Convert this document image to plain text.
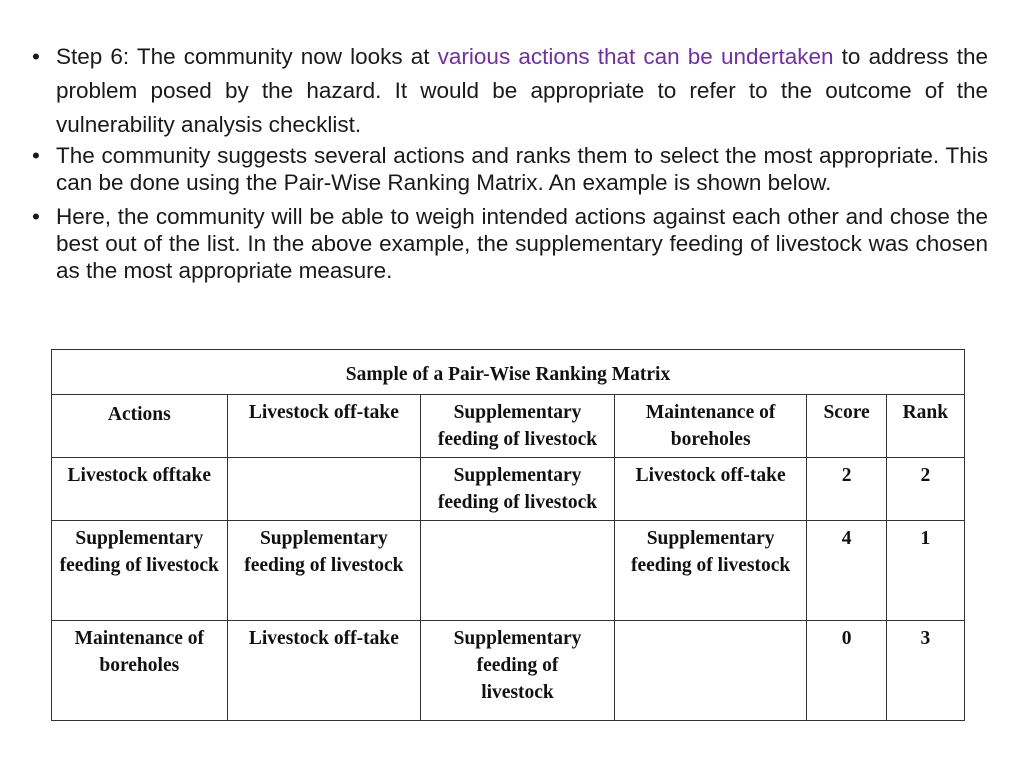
• Step 6: The community now looks at various actions that can be undertaken to address the problem posed by the hazard. It would be appropriate to refer to the outcome of the vulnerability analysis checklist.
• The community suggests several actions and ranks them to select the most appropriate. This can be done using the Pair-Wise Ranking Matrix. An example is shown below.
• Here, the community will be able to weigh intended actions against each other and chose the best out of the list. In the above example, the supplementary feeding of livestock was chosen as the most appropriate measure.
Sample of a Pair-Wise Ranking Matrix					
Actions	Livestock off-take	Supplementary feeding of livestock	Maintenance of boreholes	Score	Rank
Livestock offtake		Supplementary feeding of livestock	Livestock off-take	2	2
Supplementary feeding of livestock	Supplementary feeding of livestock		Supplementary feeding of livestock	4	1
Maintenance of boreholes	Livestock off-take	Supplementary feeding of livestock		0	3
